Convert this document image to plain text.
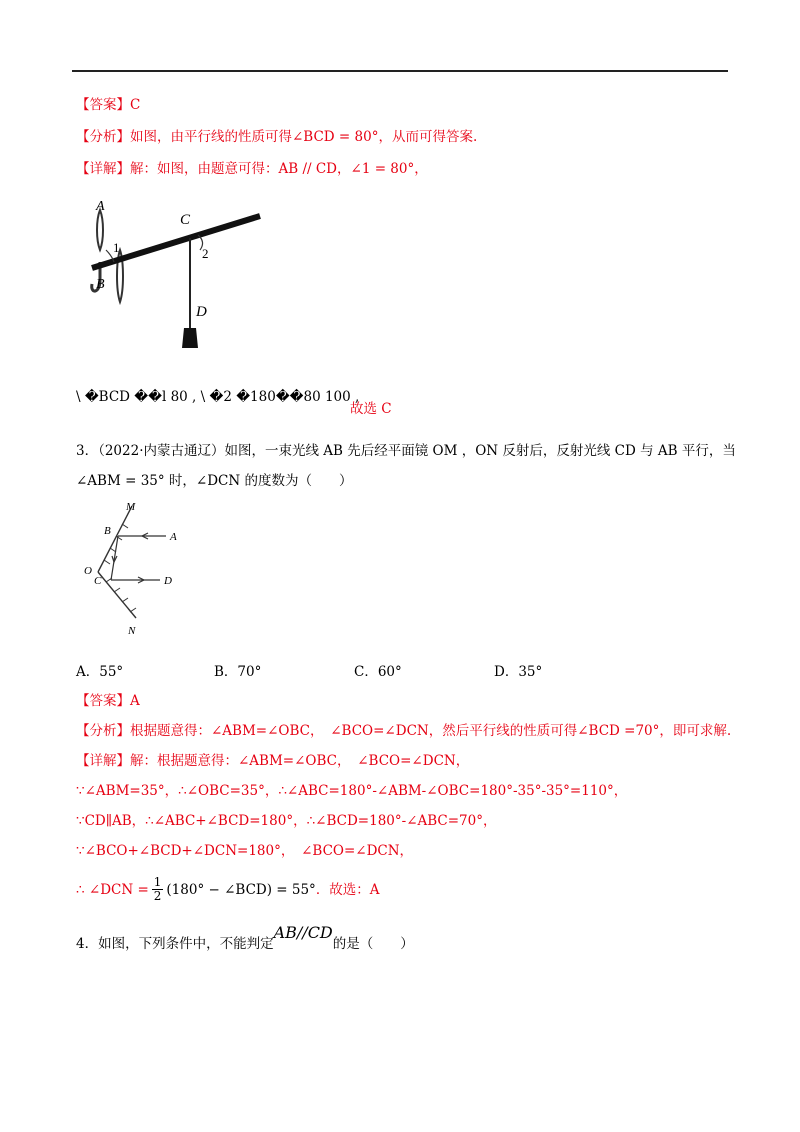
【答案】C
【分析】如图，由平行线的性质可得∠BCD = 80°，从而可得答案.
【详解】解：如图，由题意可得：AB // CD，∠1 = 80°，
A
1
B
C
2
D
\ �BCD ��l 80 , \ �2 �180��80 100 ,
故选 C
3．（2022·内蒙古通辽）如图，一束光线 AB 先后经平面镜 OM ，ON 反射后，反射光线 CD 与 AB 平行，当
∠ABM = 35° 时，∠DCN 的度数为（　　）
M
B	A
O
C	D
N
A．55°	B．70°	C．60°	D．35°
【答案】A
【分析】根据题意得：∠ABM=∠OBC，　∠BCO=∠DCN，然后平行线的性质可得∠BCD =70°，即可求解.
【详解】解：根据题意得：∠ABM=∠OBC，　∠BCO=∠DCN，
∵∠ABM=35°，∴∠OBC=35°，∴∠ABC=180°-∠ABM-∠OBC=180°-35°-35°=110°，
∵CD∥AB，∴∠ABC+∠BCD=180°，∴∠BCD=180°-∠ABC=70°，
∵∠BCO+∠BCD+∠DCN=180°，　∠BCO=∠DCN，
∴ ∠DCN = $\frac{1}{2} (180^\circ$ − ∠BCD) = 55° ．故选：A
4．如图，下列条件中，不能判定AB//CD的是（　　）
